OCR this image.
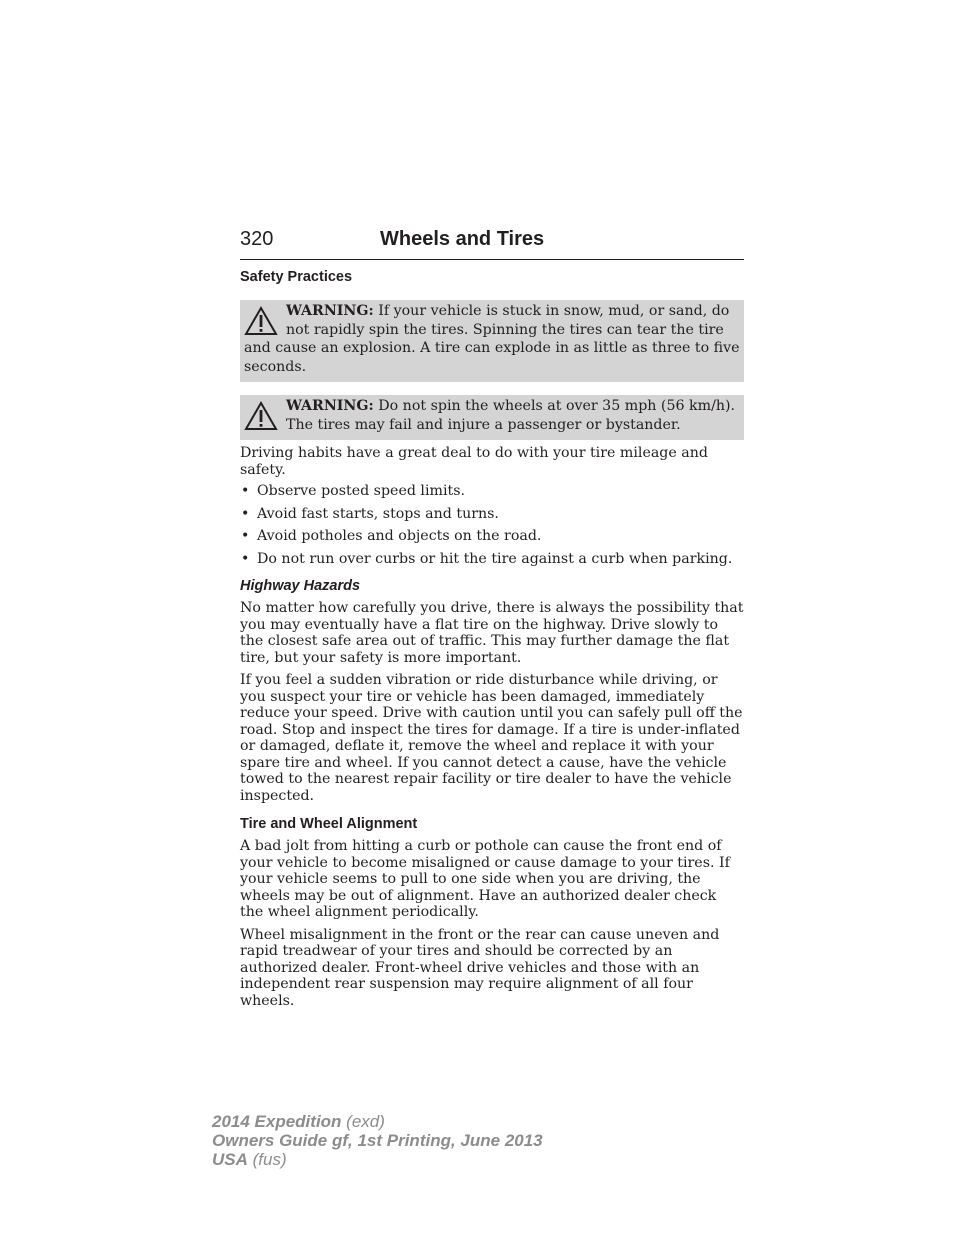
320	Wheels and Tires
Safety Practices
WARNING: If your vehicle is stuck in snow, mud, or sand, do not rapidly spin the tires. Spinning the tires can tear the tire and cause an explosion. A tire can explode in as little as three to five seconds.
WARNING: Do not spin the wheels at over 35 mph (56 km/h). The tires may fail and injure a passenger or bystander.

Driving habits have a great deal to do with your tire mileage and safety.

• Observe posted speed limits.
• Avoid fast starts, stops and turns.
• Avoid potholes and objects on the road.
• Do not run over curbs or hit the tire against a curb when parking.
Highway Hazards

No matter how carefully you drive, there is always the possibility that you may eventually have a flat tire on the highway. Drive slowly to the closest safe area out of traffic. This may further damage the flat tire, but your safety is more important.

If you feel a sudden vibration or ride disturbance while driving, or you suspect your tire or vehicle has been damaged, immediately reduce your speed. Drive with caution until you can safely pull off the road. Stop and inspect the tires for damage. If a tire is under-inflated or damaged, deflate it, remove the wheel and replace it with your spare tire and wheel. If you cannot detect a cause, have the vehicle towed to the nearest repair facility or tire dealer to have the vehicle inspected.

Tire and Wheel Alignment

A bad jolt from hitting a curb or pothole can cause the front end of your vehicle to become misaligned or cause damage to your tires. If your vehicle seems to pull to one side when you are driving, the wheels may be out of alignment. Have an authorized dealer check the wheel alignment periodically.

Wheel misalignment in the front or the rear can cause uneven and rapid treadwear of your tires and should be corrected by an authorized dealer. Front-wheel drive vehicles and those with an independent rear suspension may require alignment of all four wheels.

2014 Expedition (exd)
Owners Guide gf, 1st Printing, June 2013
USA (fus)
